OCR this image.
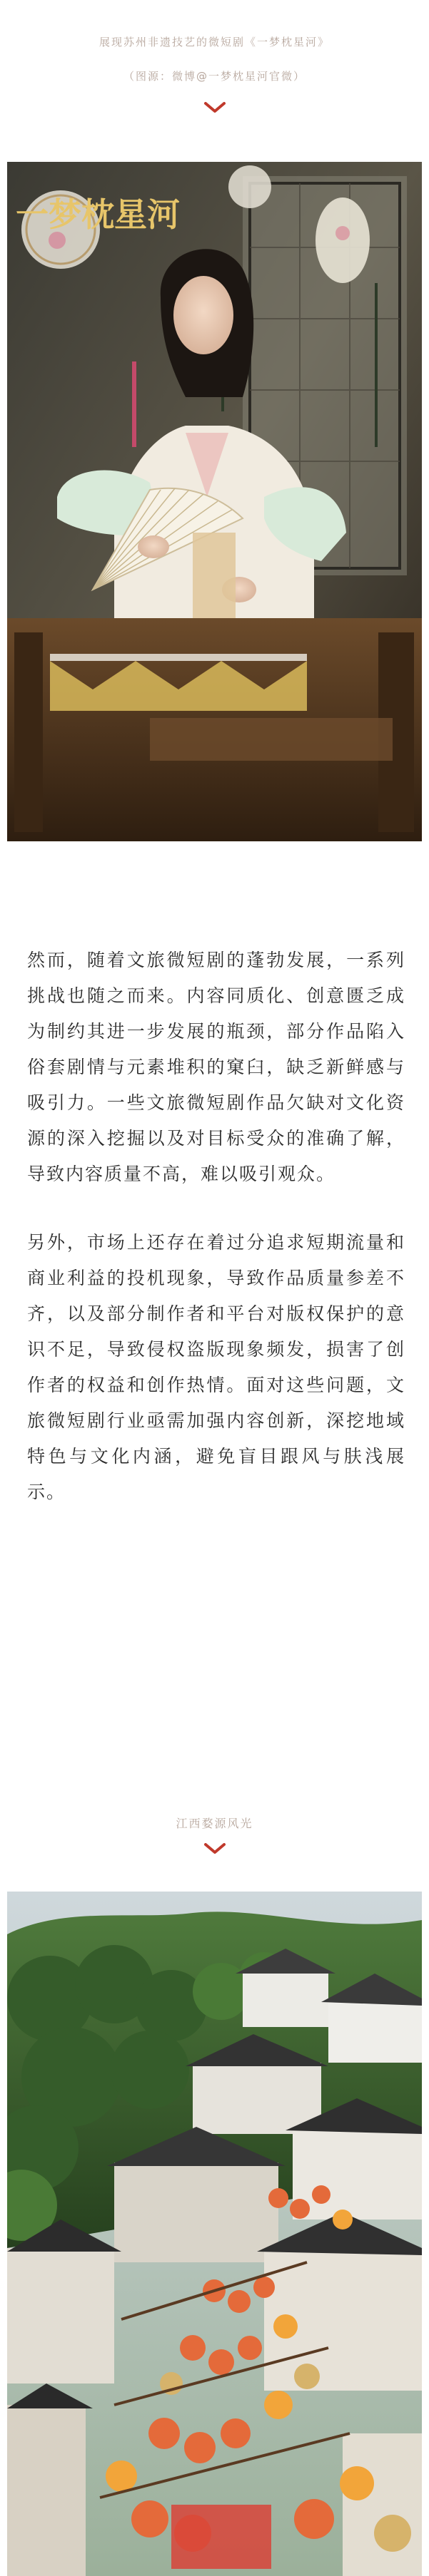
展现苏州非遗技艺的微短剧《一梦枕星河》
（图源：微博@一梦枕星河官微）
一梦枕星河
然而，随着文旅微短剧的蓬勃发展，一系列挑战也随之而来。内容同质化、创意匮乏成为制约其进一步发展的瓶颈，部分作品陷入俗套剧情与元素堆积的窠臼，缺乏新鲜感与吸引力。一些文旅微短剧作品欠缺对文化资源的深入挖掘以及对目标受众的准确了解，导致内容质量不高，难以吸引观众。
另外，市场上还存在着过分追求短期流量和商业利益的投机现象，导致作品质量参差不齐，以及部分制作者和平台对版权保护的意识不足，导致侵权盗版现象频发，损害了创作者的权益和创作热情。面对这些问题，文旅微短剧行业亟需加强内容创新，深挖地域特色与文化内涵，避免盲目跟风与肤浅展示。
江西婺源风光
